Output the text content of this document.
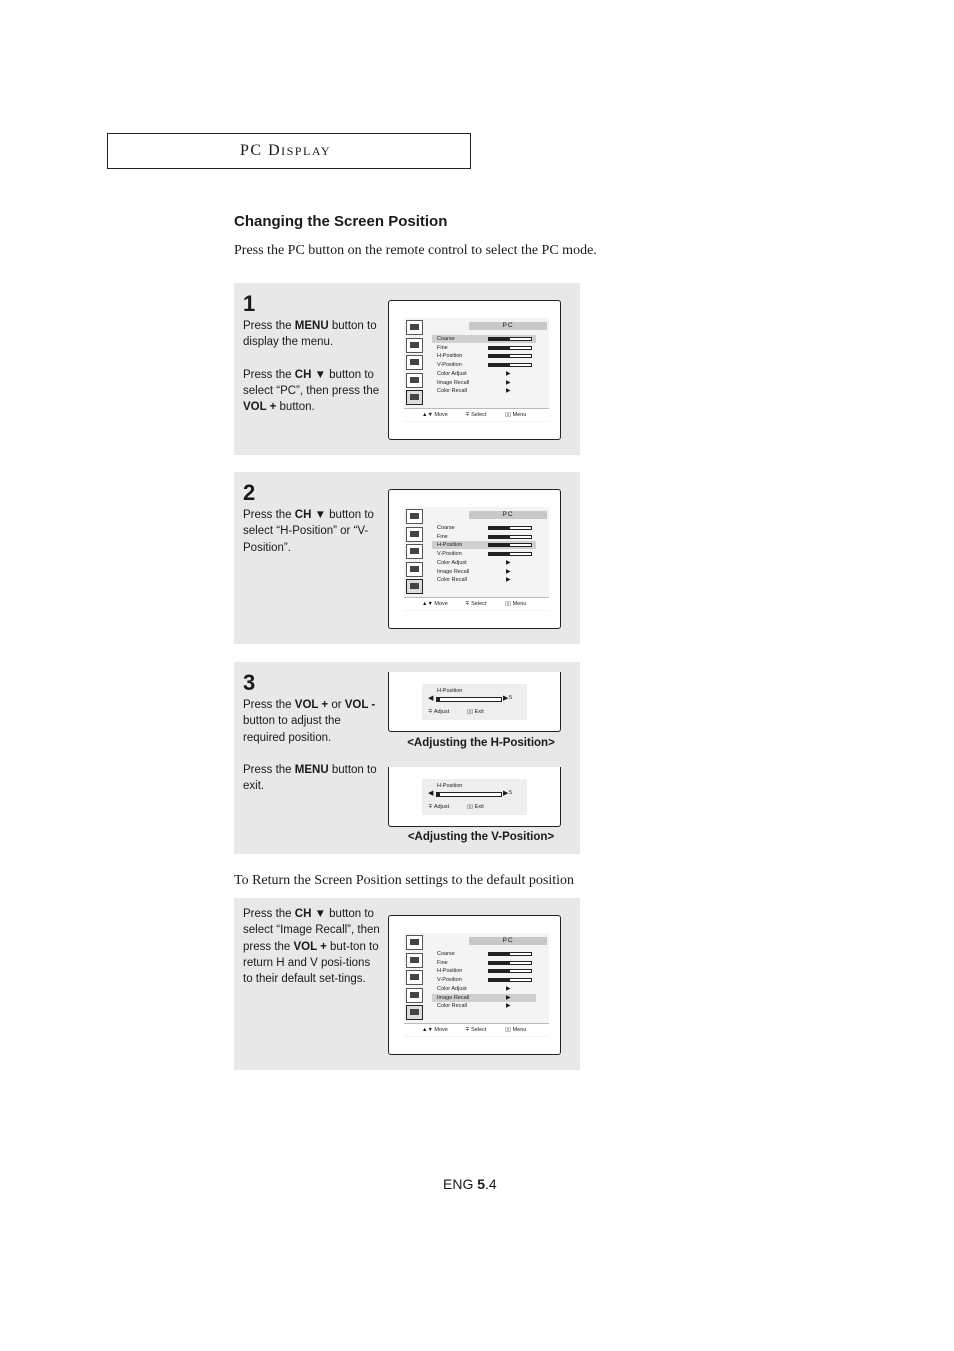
PC DISPLAY
Changing the Screen Position
Press the PC button on the remote control to select the PC mode.
1
Press the MENU button to display the menu.

Press the CH ▼ button to select “PC”, then press the VOL + button.
PC
Coarse
Fine
H-Position
V-Position
Color Adjust	▶
Image Recall	▶
Color Recall	▶
▲▼ Move	∓ Select	▯▯ Menu
2
Press the CH ▼ button to select “H-Position” or “V-Position”.
PC
Coarse
Fine
H-Position
V-Position
Color Adjust	▶
Image Recall	▶
Color Recall	▶
▲▼ Move	∓ Select	▯▯ Menu
3
Press the VOL + or VOL - button to adjust the required position.

Press the MENU button to exit.
H-Position
◀	▶ 5
∓ Adjust	▯▯ Exit
<Adjusting the H-Position>
H-Position
◀	▶ 5
∓ Adjust	▯▯ Exit
<Adjusting the V-Position>
To Return the Screen Position settings to the default position
Press the CH ▼ button to select “Image Recall”, then press the VOL + but-ton to return H and V posi-tions to their default set-tings.
PC
Coarse
Fine
H-Position
V-Position
Color Adjust	▶
Image Recall	▶
Color Recall	▶
▲▼ Move	∓ Select	▯▯ Menu
ENG 5.4
